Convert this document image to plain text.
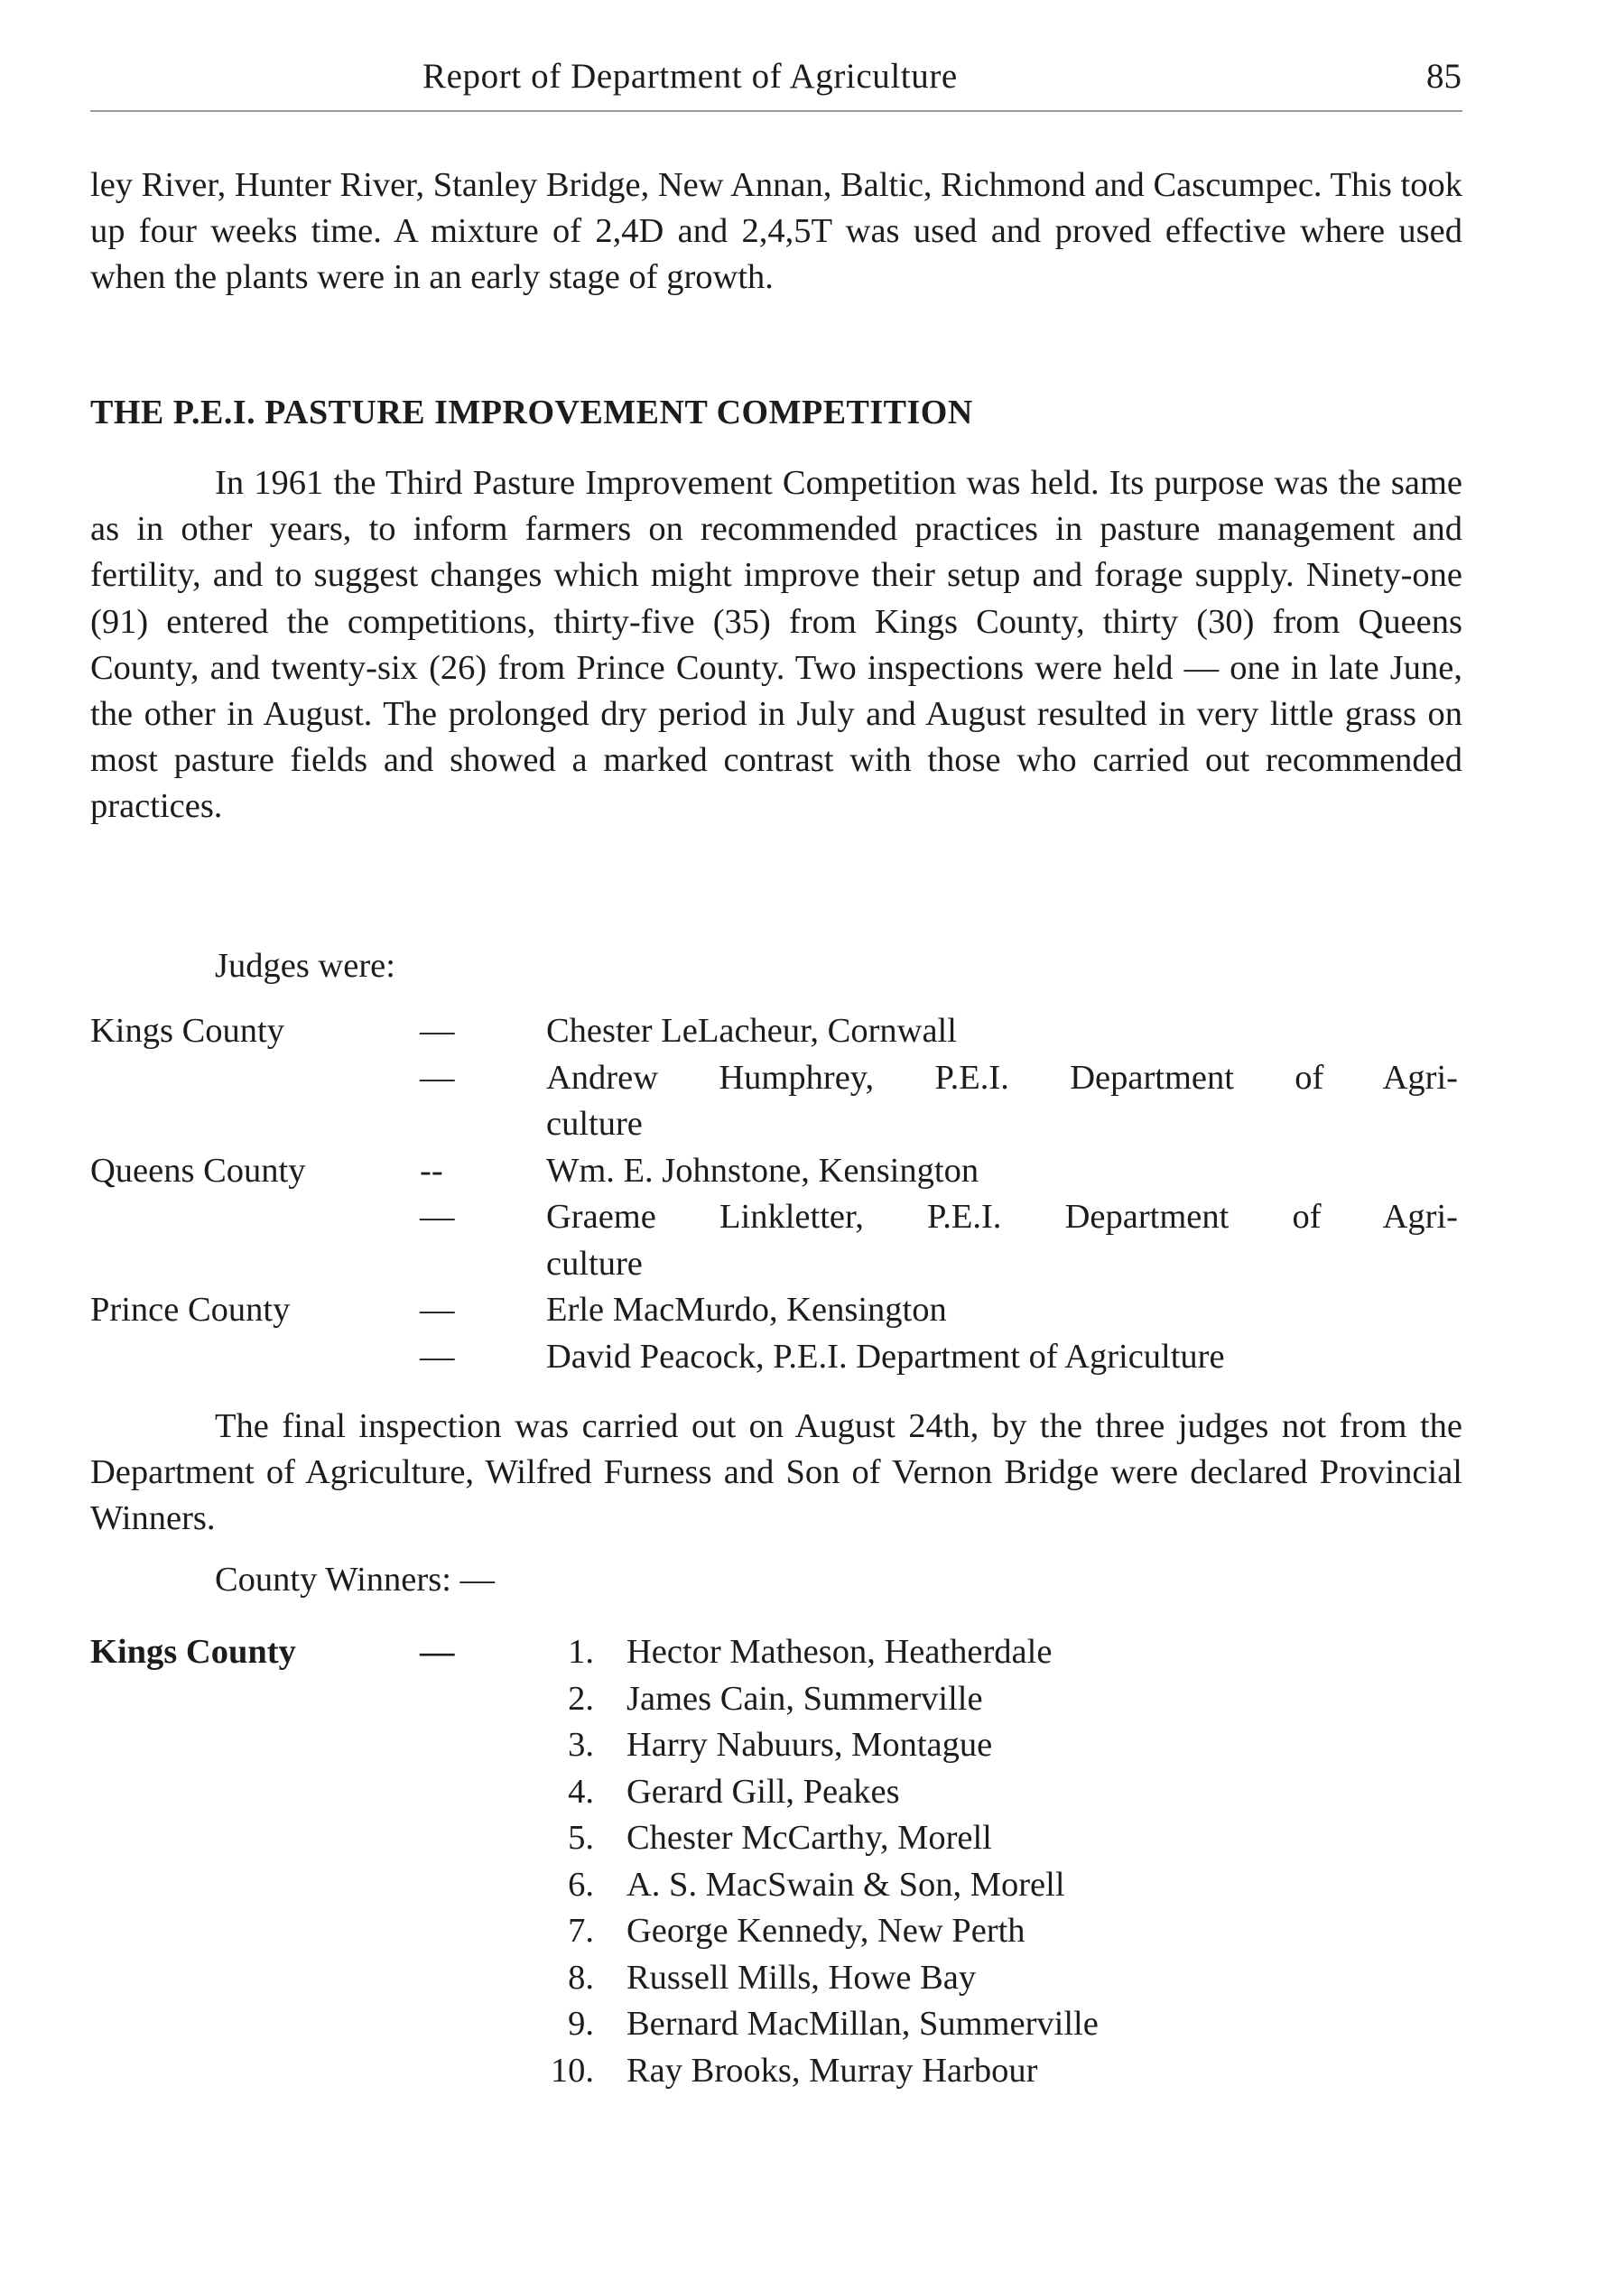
Report of Department of Agriculture	85

ley River, Hunter River, Stanley Bridge, New Annan, Baltic, Richmond and Cascumpec. This took up four weeks time. A mixture of 2,4D and 2,4,5T was used and proved effective where used when the plants were in an early stage of growth.

THE P.E.I. PASTURE IMPROVEMENT COMPETITION

In 1961 the Third Pasture Improvement Competition was held. Its purpose was the same as in other years, to inform farmers on recommended practices in pasture management and fertility, and to suggest changes which might improve their setup and forage supply. Ninety-one (91) entered the competitions, thirty-five (35) from Kings County, thirty (30) from Queens County, and twenty-six (26) from Prince County. Two inspections were held — one in late June, the other in August. The prolonged dry period in July and August resulted in very little grass on most pasture fields and showed a marked contrast with those who carried out recommended practices.

Judges were:
Kings County	—	Chester LeLacheur, Cornwall
—	Andrew Humphrey, P.E.I. Department of Agri-
culture
Queens County	--	Wm. E. Johnstone, Kensington
—	Graeme Linkletter, P.E.I. Department of Agri-
culture
Prince County	—	Erle MacMurdo, Kensington
—	David Peacock, P.E.I. Department of Agriculture

The final inspection was carried out on August 24th, by the three judges not from the Department of Agriculture, Wilfred Furness and Son of Vernon Bridge were declared Provincial Winners.

County Winners: —
Kings County	—	1. Hector Matheson, Heatherdale
2. James Cain, Summerville
3. Harry Nabuurs, Montague
4. Gerard Gill, Peakes
5. Chester McCarthy, Morell
6. A. S. MacSwain & Son, Morell
7. George Kennedy, New Perth
8. Russell Mills, Howe Bay
9. Bernard MacMillan, Summerville
10. Ray Brooks, Murray Harbour
